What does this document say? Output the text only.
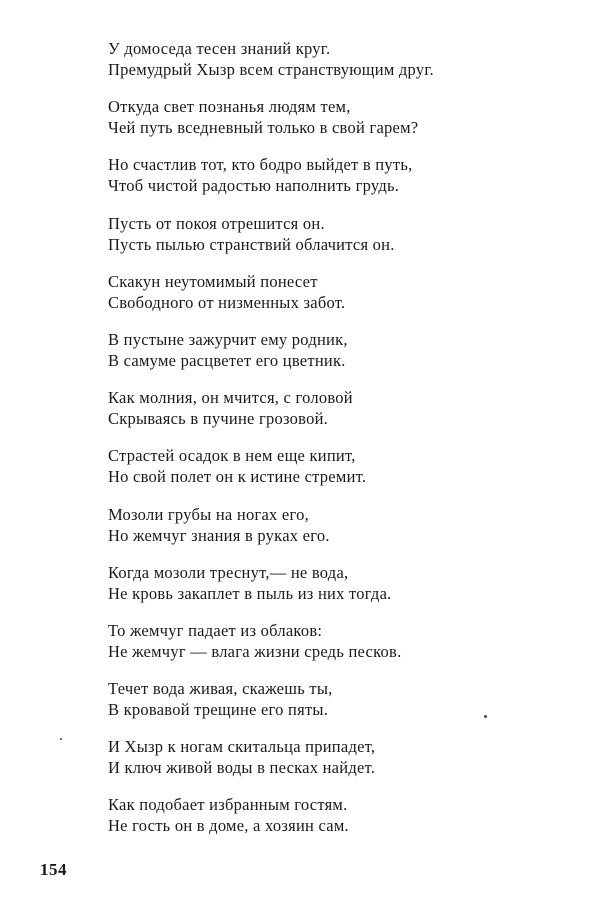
У домоседа тесен знаний круг.
Премудрый Хызр всем странствующим друг.
Откуда свет познанья людям тем,
Чей путь вседневный только в свой гарем?
Но счастлив тот, кто бодро выйдет в путь,
Чтоб чистой радостью наполнить грудь.
Пусть от покоя отрешится он.
Пусть пылью странствий облачится он.
Скакун неутомимый понесет
Свободного от низменных забот.
В пустыне зажурчит ему родник,
В самуме расцветет его цветник.
Как молния, он мчится, с головой
Скрываясь в пучине грозовой.
Страстей осадок в нем еще кипит,
Но свой полет он к истине стремит.
Мозоли грубы на ногах его,
Но жемчуг знания в руках его.
Когда мозоли треснут,— не вода,
Не кровь закаплет в пыль из них тогда.
То жемчуг падает из облаков:
Не жемчуг — влага жизни средь песков.
Течет вода живая, скажешь ты,
В кровавой трещине его пяты.
И Хызр к ногам скитальца припадет,
И ключ живой воды в песках найдет.
Как подобает избранным гостям.
Не гость он в доме, а хозяин сам.
154
